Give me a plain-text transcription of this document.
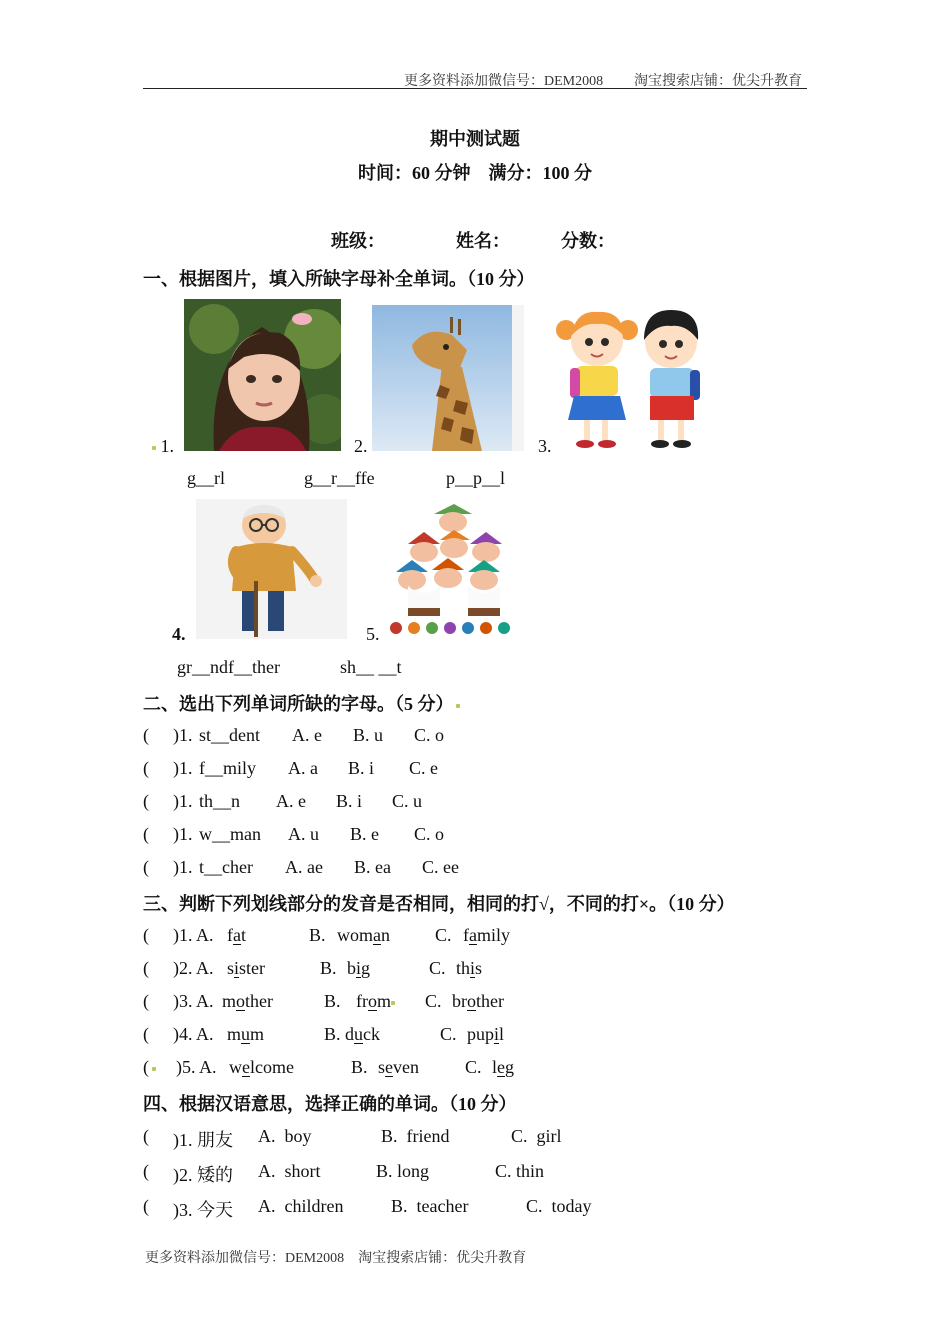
更多资料添加微信号：DEM2008 淘宝搜索店铺：优尖升教育
期中测试题
时间：60 分钟    满分：100 分
班级：	姓名：	分数：
一、根据图片，填入所缺字母补全单词。（10 分）
1.	2.	3.
g__rl	g__r__ffe	p__p__l
4.	5.
gr__ndf__ther	sh__ __t
二、选出下列单词所缺的字母。（5 分）
( )1. st__dent A. e B. u C. o
( )1. f__mily A. a B. i C. e
( )1. th__n A. e B. i C. u
( )1. w__man A. u B. e C. o
( )1. t__cher A. ae B. ea C. ee
三、判断下列划线部分的发音是否相同，相同的打√，不同的打×。（10 分）
( )1. A. fat	B. woman	C. family
( )2. A. sister	B. big	C. this
( )3. A. mother	B. from C. brother
( )4. A. mum	B. duck	C. pupil
(	)5. A. welcome	B. seven	C. leg
四、根据汉语意思，选择正确的单词。（10 分）
( )1. 朋友 A.  boy	B.  friend	C.  girl
( )2. 矮的 A.  short	B. long	C. thin
( )3. 今天 A.  children	B.  teacher	C.  today
更多资料添加微信号：DEM2008    淘宝搜索店铺：优尖升教育
